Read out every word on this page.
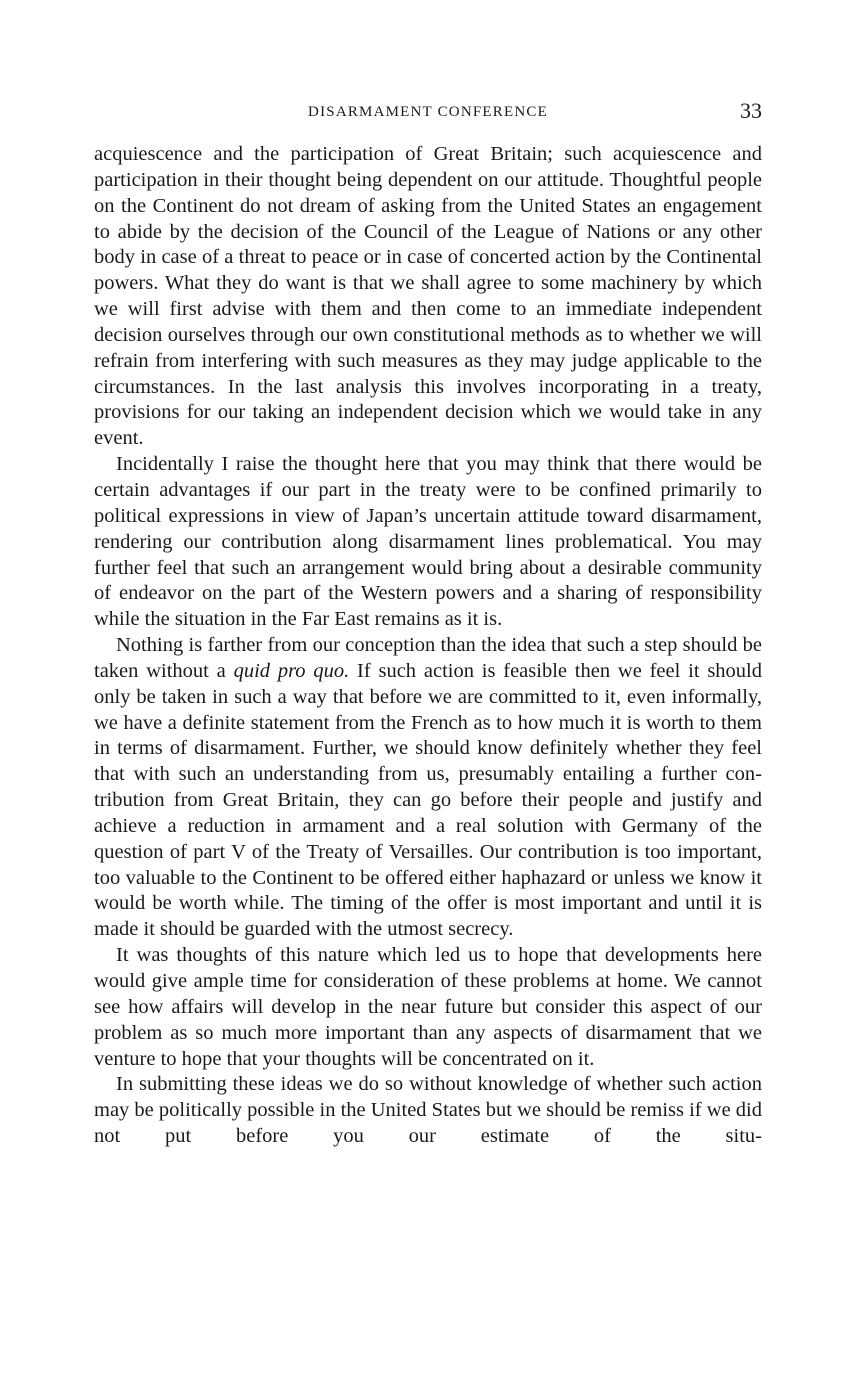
DISARMAMENT CONFERENCE	33

acquiescence and the participation of Great Britain; such acquiescence and participation in their thought being dependent on our attitude. Thoughtful people on the Continent do not dream of asking from the United States an engagement to abide by the decision of the Council of the League of Nations or any other body in case of a threat to peace or in case of concerted action by the Continental powers. What they do want is that we shall agree to some machinery by which we will first advise with them and then come to an immediate independent decision ourselves through our own constitutional methods as to whether we will refrain from interfering with such measures as they may judge applicable to the circumstances. In the last analysis this involves incorporating in a treaty, provisions for our taking an independent decision which we would take in any event.

Incidentally I raise the thought here that you may think that there would be certain advantages if our part in the treaty were to be confined primarily to political expressions in view of Japan’s uncertain attitude toward disarmament, rendering our contribution along disarmament lines problematical. You may further feel that such an arrangement would bring about a desirable community of endeavor on the part of the Western powers and a sharing of responsibility while the situation in the Far East remains as it is.

Nothing is farther from our conception than the idea that such a step should be taken without a quid pro quo. If such action is feasible then we feel it should only be taken in such a way that before we are committed to it, even informally, we have a definite statement from the French as to how much it is worth to them in terms of disarmament. Further, we should know definitely whether they feel that with such an understanding from us, presumably entailing a further contribution from Great Britain, they can go before their people and justify and achieve a reduction in armament and a real solution with Germany of the question of part V of the Treaty of Versailles. Our contribution is too important, too valuable to the Continent to be offered either haphazard or unless we know it would be worth while. The timing of the offer is most important and until it is made it should be guarded with the utmost secrecy.

It was thoughts of this nature which led us to hope that developments here would give ample time for consideration of these problems at home. We cannot see how affairs will develop in the near future but consider this aspect of our problem as so much more important than any aspects of disarmament that we venture to hope that your thoughts will be concentrated on it.

In submitting these ideas we do so without knowledge of whether such action may be politically possible in the United States but we should be remiss if we did not put before you our estimate of the situ-
